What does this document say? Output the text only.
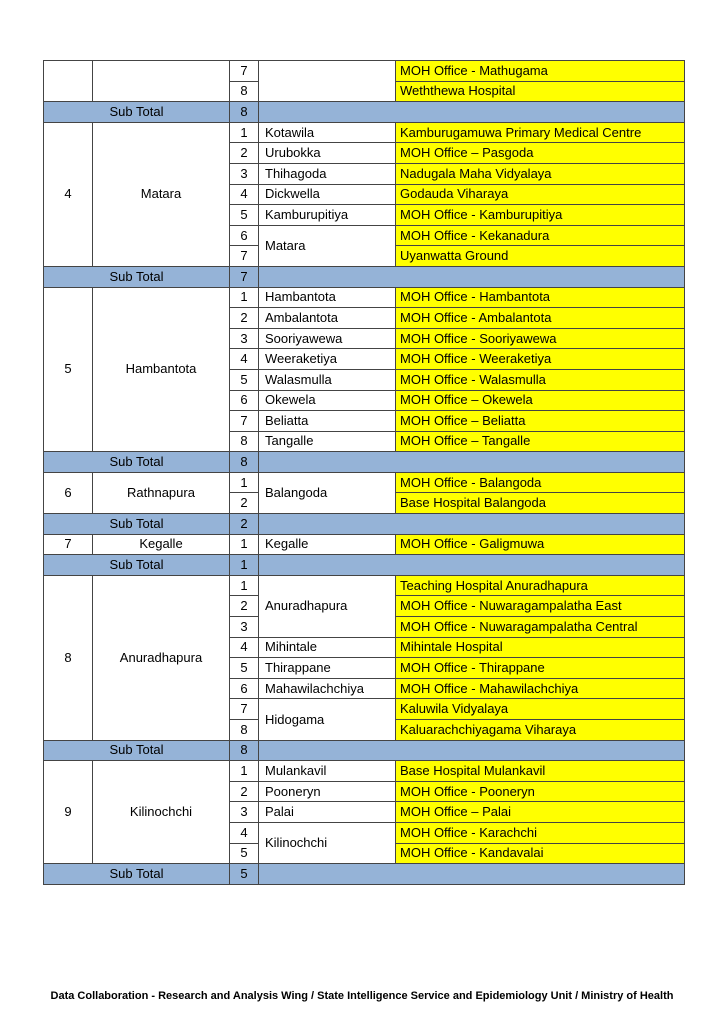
		7		MOH Office - Mathugama
		8		Weththewa Hospital
Sub Total		8		
4	Matara	1	Kotawila	Kamburugamuwa Primary Medical Centre
		2	Urubokka	MOH Office – Pasgoda
		3	Thihagoda	Nadugala Maha Vidyalaya
		4	Dickwella	Godauda Viharaya
		5	Kamburupitiya	MOH Office - Kamburupitiya
		6	Matara	MOH Office - Kekanadura
		7		Uyanwatta Ground
Sub Total		7		
5	Hambantota	1	Hambantota	MOH Office - Hambantota
		2	Ambalantota	MOH Office - Ambalantota
		3	Sooriyawewa	MOH Office - Sooriyawewa
		4	Weeraketiya	MOH Office - Weeraketiya
		5	Walasmulla	MOH Office - Walasmulla
		6	Okewela	MOH Office – Okewela
		7	Beliatta	MOH Office – Beliatta
		8	Tangalle	MOH Office – Tangalle
Sub Total		8		
6	Rathnapura	1	Balangoda	MOH Office - Balangoda
		2		Base Hospital Balangoda
Sub Total		2		
7	Kegalle	1	Kegalle	MOH Office - Galigmuwa
Sub Total		1		
8	Anuradhapura	1	Anuradhapura	Teaching Hospital Anuradhapura
		2		MOH Office - Nuwaragampalatha East
		3		MOH Office - Nuwaragampalatha Central
		4	Mihintale	Mihintale Hospital
		5	Thirappane	MOH Office - Thirappane
		6	Mahawilachchiya	MOH Office - Mahawilachchiya
		7	Hidogama	Kaluwila Vidyalaya
		8		Kaluarachchiyagama Viharaya
Sub Total		8		
9	Kilinochchi	1	Mulankavil	Base Hospital Mulankavil
		2	Pooneryn	MOH Office - Pooneryn
		3	Palai	MOH Office – Palai
		4	Kilinochchi	MOH Office - Karachchi
		5		MOH Office - Kandavalai
Sub Total		5		
Data Collaboration - Research and Analysis Wing / State Intelligence Service and Epidemiology Unit / Ministry of Health
